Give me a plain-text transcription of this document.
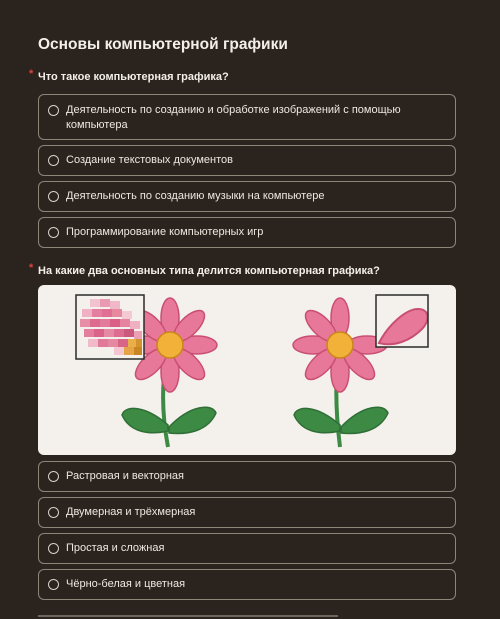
Основы компьютерной графики
* Что такое компьютерная графика?
Деятельность по созданию и обработке изображений с помощью компьютера
Создание текстовых документов
Деятельность по созданию музыки на компьютере
Программирование компьютерных игр
* На какие два основных типа делится компьютерная графика?
Растровая и векторная
Двумерная и трёхмерная
Простая и сложная
Чёрно-белая и цветная
